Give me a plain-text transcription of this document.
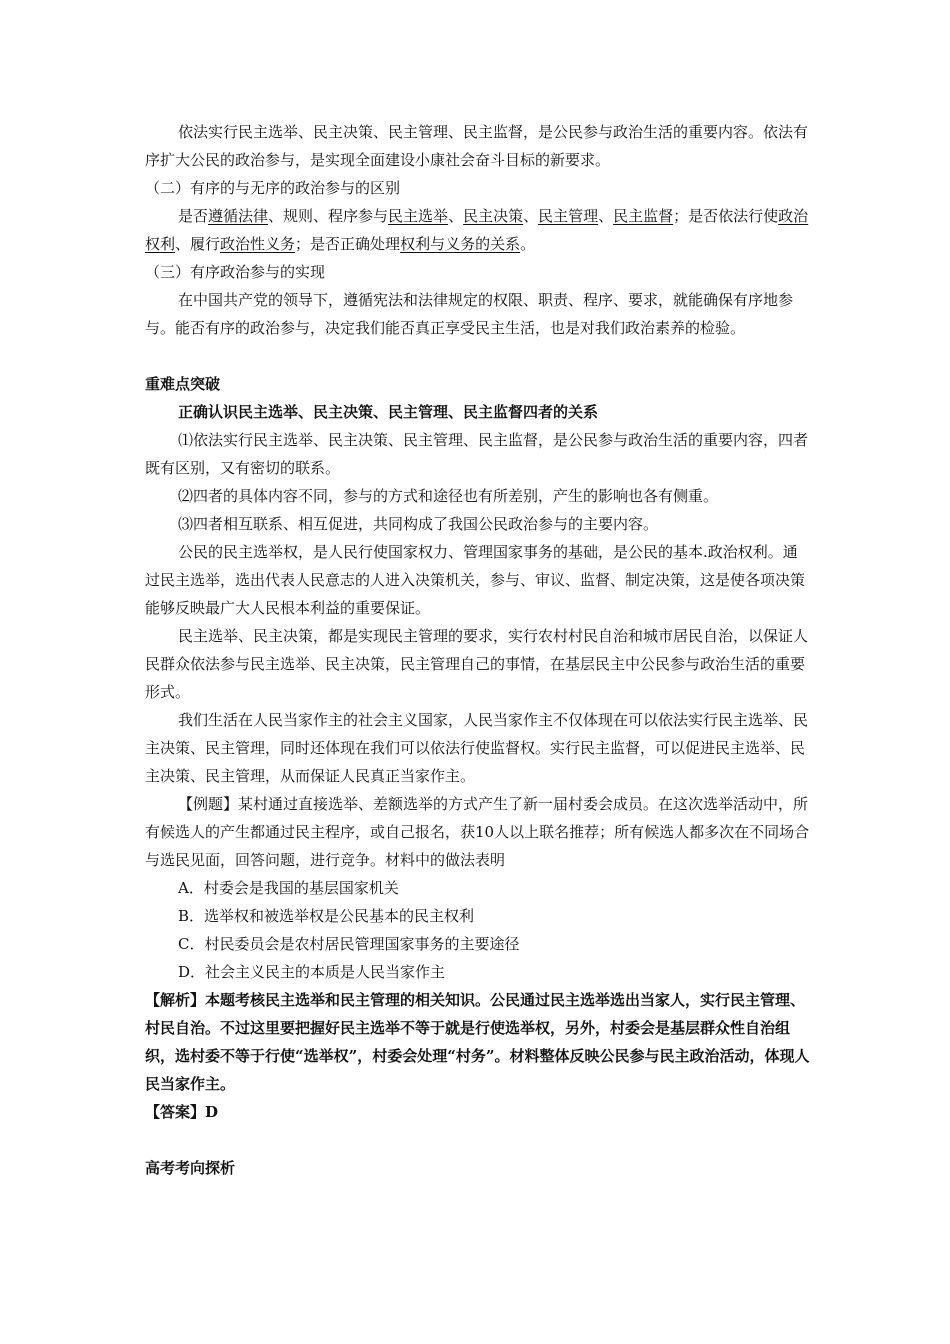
依法实行民主选举、民主决策、民主管理、民主监督，是公民参与政治生活的重要内容。依法有序扩大公民的政治参与，是实现全面建设小康社会奋斗目标的新要求。

（二）有序的与无序的政治参与的区别

是否遵循法律、规则、程序参与民主选举、民主决策、民主管理、民主监督；是否依法行使政治权利、履行政治性义务；是否正确处理权利与义务的关系。

（三）有序政治参与的实现

在中国共产党的领导下，遵循宪法和法律规定的权限、职责、程序、要求，就能确保有序地参与。能否有序的政治参与，决定我们能否真正享受民主生活，也是对我们政治素养的检验。

重难点突破

正确认识民主选举、民主决策、民主管理、民主监督四者的关系

⑴依法实行民主选举、民主决策、民主管理、民主监督，是公民参与政治生活的重要内容，四者既有区别，又有密切的联系。

⑵四者的具体内容不同，参与的方式和途径也有所差别，产生的影响也各有侧重。

⑶四者相互联系、相互促进，共同构成了我国公民政治参与的主要内容。

公民的民主选举权，是人民行使国家权力、管理国家事务的基础，是公民的基本.政治权利。通过民主选举，选出代表人民意志的人进入决策机关，参与、审议、监督、制定决策，这是使各项决策能够反映最广大人民根本利益的重要保证。

民主选举、民主决策，都是实现民主管理的要求，实行农村村民自治和城市居民自治，以保证人民群众依法参与民主选举、民主决策，民主管理自己的事情，在基层民主中公民参与政治生活的重要形式。

我们生活在人民当家作主的社会主义国家，人民当家作主不仅体现在可以依法实行民主选举、民主决策、民主管理，同时还体现在我们可以依法行使监督权。实行民主监督，可以促进民主选举、民主决策、民主管理，从而保证人民真正当家作主。

【例题】某村通过直接选举、差额选举的方式产生了新一届村委会成员。在这次选举活动中，所有候选人的产生都通过民主程序，或自己报名，获10人以上联名推荐；所有候选人都多次在不同场合与选民见面，回答问题，进行竞争。材料中的做法表明

A．村委会是我国的基层国家机关

B．选举权和被选举权是公民基本的民主权利

C．村民委员会是农村居民管理国家事务的主要途径

D．社会主义民主的本质是人民当家作主

【解析】本题考核民主选举和民主管理的相关知识。公民通过民主选举选出当家人，实行民主管理、村民自治。不过这里要把握好民主选举不等于就是行使选举权，另外，村委会是基层群众性自治组织，选村委不等于行使“选举权”，村委会处理“村务”。材料整体反映公民参与民主政治活动，体现人民当家作主。

【答案】D

高考考向探析
